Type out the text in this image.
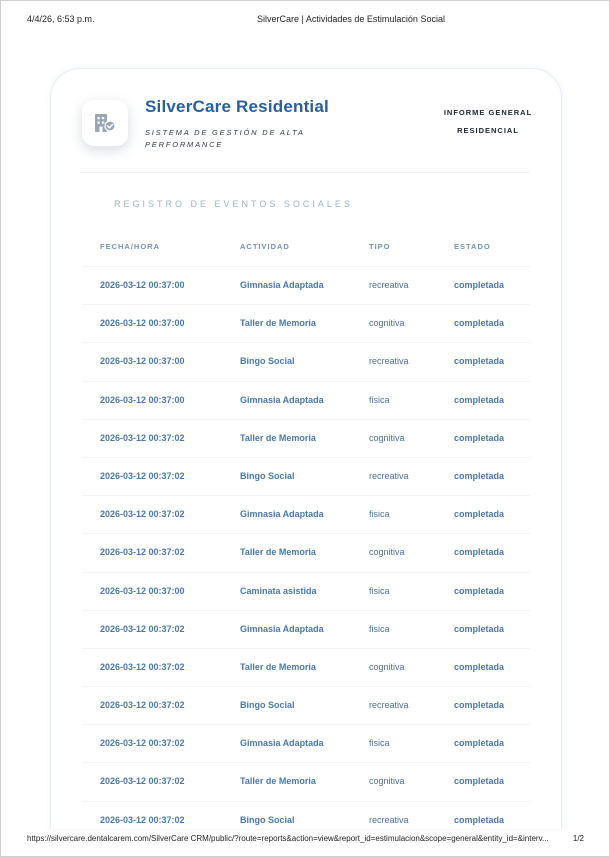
4/4/26, 6:53 p.m.	SilverCare | Actividades de Estimulación Social
SilverCare Residential
SISTEMA DE GESTIÓN DE ALTA PERFORMANCE
INFORME GENERAL
RESIDENCIAL
REGISTRO DE EVENTOS SOCIALES
FECHA/HORA	ACTIVIDAD	TIPO	ESTADO
2026-03-12 00:37:00	Gimnasia Adaptada	recreativa	completada
2026-03-12 00:37:00	Taller de Memoria	cognitiva	completada
2026-03-12 00:37:00	Bingo Social	recreativa	completada
2026-03-12 00:37:00	Gimnasia Adaptada	fisica	completada
2026-03-12 00:37:02	Taller de Memoria	cognitiva	completada
2026-03-12 00:37:02	Bingo Social	recreativa	completada
2026-03-12 00:37:02	Gimnasia Adaptada	fisica	completada
2026-03-12 00:37:02	Taller de Memoria	cognitiva	completada
2026-03-12 00:37:00	Caminata asistida	fisica	completada
2026-03-12 00:37:02	Gimnasia Adaptada	fisica	completada
2026-03-12 00:37:02	Taller de Memoria	cognitiva	completada
2026-03-12 00:37:02	Bingo Social	recreativa	completada
2026-03-12 00:37:02	Gimnasia Adaptada	fisica	completada
2026-03-12 00:37:02	Taller de Memoria	cognitiva	completada
2026-03-12 00:37:02	Bingo Social	recreativa	completada
https://silvercare.dentalcarem.com/SilverCare CRM/public/?route=reports&action=view&report_id=estimulacion&scope=general&entity_id=&interv...	1/2
